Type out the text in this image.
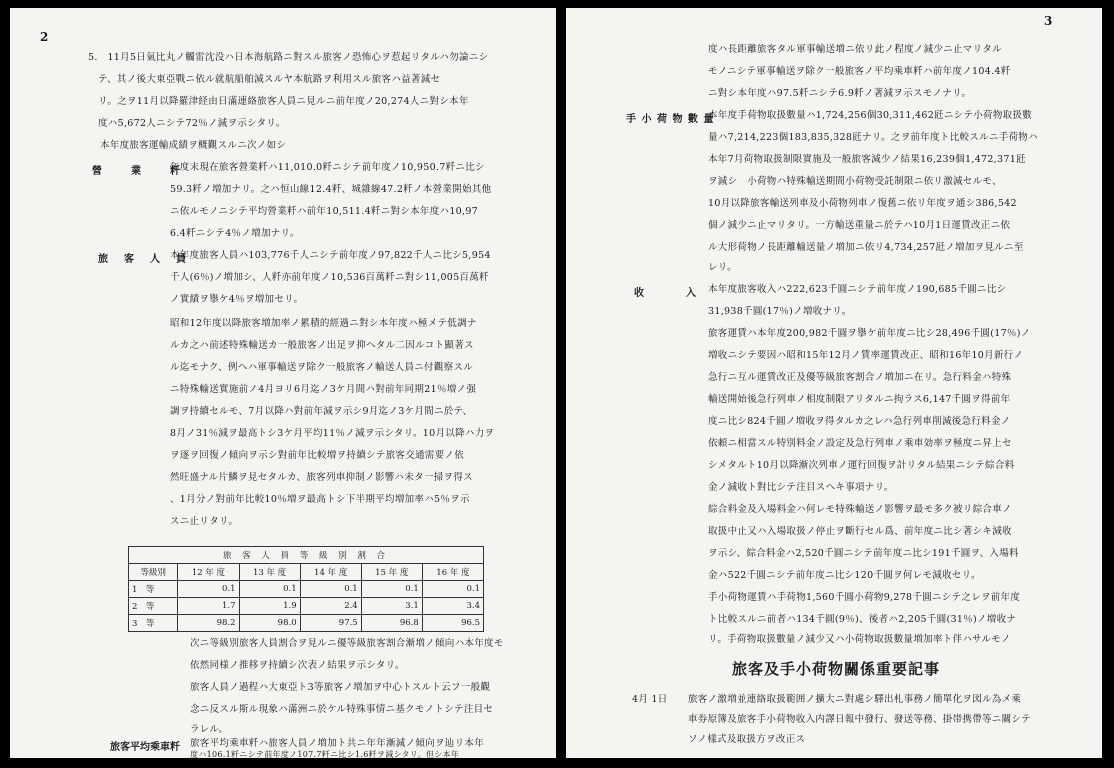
2
5.　11月5日氣比丸ノ觸雷沈没ハ日本海航路ニ對スル旅客ノ恐怖心ヲ惹起リタルハ勿論ニシ
テ、其ノ後大東亞戰ニ依ル就航船舶減スルヤ本航路ヲ利用スル旅客ハ益著減セ
リ。之ヲ11月以降羅津経由日滿連絡旅客人員ニ見ルニ前年度ノ20,274人ニ對シ本年
度ハ5,672人ニシテ72％ノ減ヲ示シタリ。
本年度旅客運輸成績ヲ概觀スルニ次ノ如シ
營　　業　　粁
年度末現在旅客營業粁ハ11,010.0粁ニシテ前年度ノ10,950.7粁ニ比シ
59.3粁ノ増加ナリ。之ハ恒山線12.4粁、城雜線47.2粁ノ本營業開始其他
ニ依ルモノニシテ平均營業粁ハ前年10,511.4粁ニ對シ本年度ハ10,97
6.4粁ニシテ4％ノ増加ナリ。
旅　客　人　員
本年度旅客人員ハ103,776千人ニシテ前年度ノ97,822千人ニ比シ5,954
千人(6％)ノ増加シ、人粁亦前年度ノ10,536百萬粁ニ對シ11,005百萬粁
ノ實績ヲ擧ケ4％ヲ増加セリ。
昭和12年度以降旅客増加率ノ累積的經過ニ對シ本年度ハ極メテ低調ナ
ルカ之ハ前述特殊輸送カ一般旅客ノ出足ヲ抑ヘタル二因ルコト顯著ス
ル迄モナク、例ヘハ軍事輸送ヲ除ク一般旅客ノ輸送人員ニ付觀察スル
ニ特殊輸送實施前ノ4月ヨリ6月迄ノ3ケ月間ハ對前年同期21％増ノ强
調ヲ持續セルモ、7月以降ハ對前年減ヲ示シ9月迄ノ3ケ月間ニ於テ、
8月ノ31％減ヲ最高トシ3ケ月平均11％ノ減ヲ示シタリ。10月以降ハ力ヲ
ヲ逐ヲ回復ノ傾向ヲ示シ對前年比較増ヲ持續シテ旅客交通需要ノ依
然旺盛ナル片鱗ヲ見セタルカ、旅客列車抑制ノ影響ハ未タ一掃ヲ得ス
、1月分ノ對前年比較10％増ヲ最高トシ下半期平均増加率ハ5％ヲ示
スニ止リタリ。
旅 客 人 員 等 級 別 割 合					
等級別	12 年 度	13 年 度	14 年 度	15 年 度	16 年 度
1　等	0.1	0.1	0.1	0.1	0.1
2　等	1.7	1.9	2.4	3.1	3.4
3　等	98.2	98.0	97.5	96.8	96.5
次ニ等級別旅客人員割合ヲ見ルニ優等級旅客割合漸増ノ傾向ハ本年度モ
依然同様ノ推移ヲ持續シ次表ノ結果ヲ示シタリ。
旅客人員ノ過程ハ大東亞ト3等旅客ノ増加ヲ中心トスルト云フ一般觀
念ニ反スル斯ル現象ハ滿洲ニ於ケル特殊事情ニ基クモノトシテ注目セ
ラレル。
旅客平均乘車粁 旅客平均乘車粁ハ旅客人員ノ増加ト共ニ年年漸減ノ傾向ヲ辿リ本年
度ハ106.1粁ニシテ前年度ノ107.7粁ニ比シ1.6粁ヲ減シタリ。但シ本年
3
度ハ長距離旅客タル軍事輸送増ニ依リ此ノ程度ノ減少ニ止マリタル
モノニシテ軍事輸送ヲ除ク一般旅客ノ平均乘車粁ハ前年度ノ104.4粁
ニ對シ本年度ハ97.5粁ニシテ6.9粁ノ著減ヲ示スモノナリ。
手 小 荷 物 數 量
本年度手荷物取扱數量ハ1,724,256個30,311,462瓩ニシテ小荷物取扱數
量ハ7,214,223個183,835,328瓩ナリ。之ヲ前年度ト比較スルニ手荷物ハ
本年7月荷物取扱制限實施及一般旅客減少ノ結果16,239個1,472,371瓩
ヲ減シ　小荷物ハ特殊輸送期間小荷物受託制限ニ依リ激減セルモ、
10月以降旅客輸送列車及小荷物列車ノ復舊ニ依リ年度ヲ通シ386,542
個ノ減少ニ止マリタリ。一方輸送重量ニ於テハ10月1日運賃改正ニ依
ル大形荷物ノ長距離輸送量ノ増加ニ依リ4,734,257瓩ノ増加ヲ見ルニ至
レリ。
收　　　入 本年度旅客收入ハ222,623千圓ニシテ前年度ノ190,685千圓ニ比シ
31,938千圓(17％)ノ増收ナリ。
旅客運賃ハ本年度200,982千圓ヲ擧ケ前年度ニ比シ28,496千圓(17％)ノ
増收ニシテ要因ハ昭和15年12月ノ賃率運賃改正、昭和16年10月新行ノ
急行ニ互ル運賃改正及優等級旅客割合ノ増加ニ在リ。急行料金ハ特殊
輸送開始後急行列車ノ相度制限アリタルニ拘ラス6,147千圓ヲ得前年
度ニ比シ824千圓ノ増收ヲ得タルカ之レハ急行列車削減後急行料金ノ
依頼ニ相當スル特別料金ノ設定及急行列車ノ乘車効率ヲ極度ニ昇上セ
シメタルト10月以降漸次列車ノ運行回復ヲ計リタル結果ニシテ綜合料
金ノ減收ト對比シテ注目スヘキ事項ナリ。
綜合料金及入場料金ハ何レモ特殊輸送ノ影響ヲ最モ多ク被リ綜合車ノ
取扱中止又ハ入場取扱ノ停止ヲ斷行セル爲、前年度ニ比シ著シキ減收
ヲ示シ、綜合料金ハ2,520千圓ニシテ前年度ニ比シ191千圓ヲ、入場料
金ハ522千圓ニシテ前年度ニ比シ120千圓ヲ何レモ減收セリ。
手小荷物運賃ハ手荷物1,560千圓小荷物9,278千圓ニシテ之レヲ前年度
ト比較スルニ前者ハ134千圓(9％)、後者ハ2,205千圓(31％)ノ増收ナ
リ。手荷物取扱數量ノ減少又ハ小荷物取扱數量増加率ト伴ハサルモノ
旅客及手小荷物關係重要記事
4月 1日 旅客ノ激増並連絡取扱範囲ノ擴大ニ對處シ驛出札事務ノ簡單化ヲ図ル為メ乘
車券原簿及旅客手小荷物收入内譯日報中發行、發送等務、掛帯携帶等ニ關シテ
ソノ樣式及取扱方ヲ改正ス
